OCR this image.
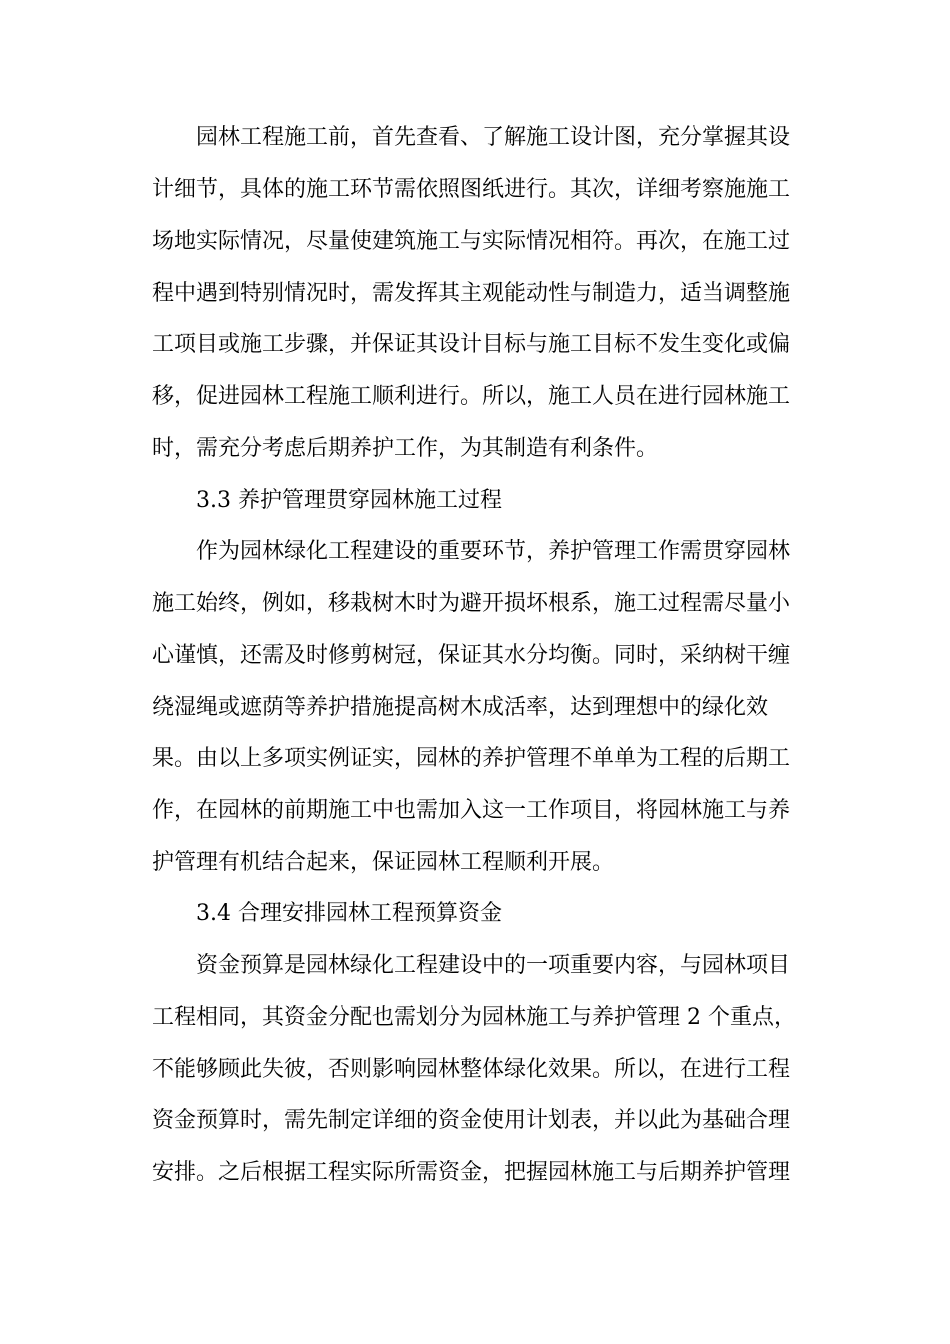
园林工程施工前，首先查看、了解施工设计图，充分掌握其设
计细节，具体的施工环节需依照图纸进行。其次，详细考察施施工
场地实际情况，尽量使建筑施工与实际情况相符。再次，在施工过
程中遇到特别情况时，需发挥其主观能动性与制造力，适当调整施
工项目或施工步骤，并保证其设计目标与施工目标不发生变化或偏
移，促进园林工程施工顺利进行。所以，施工人员在进行园林施工
时，需充分考虑后期养护工作，为其制造有利条件。
3.3 养护管理贯穿园林施工过程
作为园林绿化工程建设的重要环节，养护管理工作需贯穿园林
施工始终，例如，移栽树木时为避开损坏根系，施工过程需尽量小
心谨慎，还需及时修剪树冠，保证其水分均衡。同时，采纳树干缠
绕湿绳或遮荫等养护措施提高树木成活率，达到理想中的绿化效
果。由以上多项实例证实，园林的养护管理不单单为工程的后期工
作，在园林的前期施工中也需加入这一工作项目，将园林施工与养
护管理有机结合起来，保证园林工程顺利开展。
3.4 合理安排园林工程预算资金
资金预算是园林绿化工程建设中的一项重要内容，与园林项目
工程相同，其资金分配也需划分为园林施工与养护管理 2 个重点，
不能够顾此失彼，否则影响园林整体绿化效果。所以，在进行工程
资金预算时，需先制定详细的资金使用计划表，并以此为基础合理
安排。之后根据工程实际所需资金，把握园林施工与后期养护管理
